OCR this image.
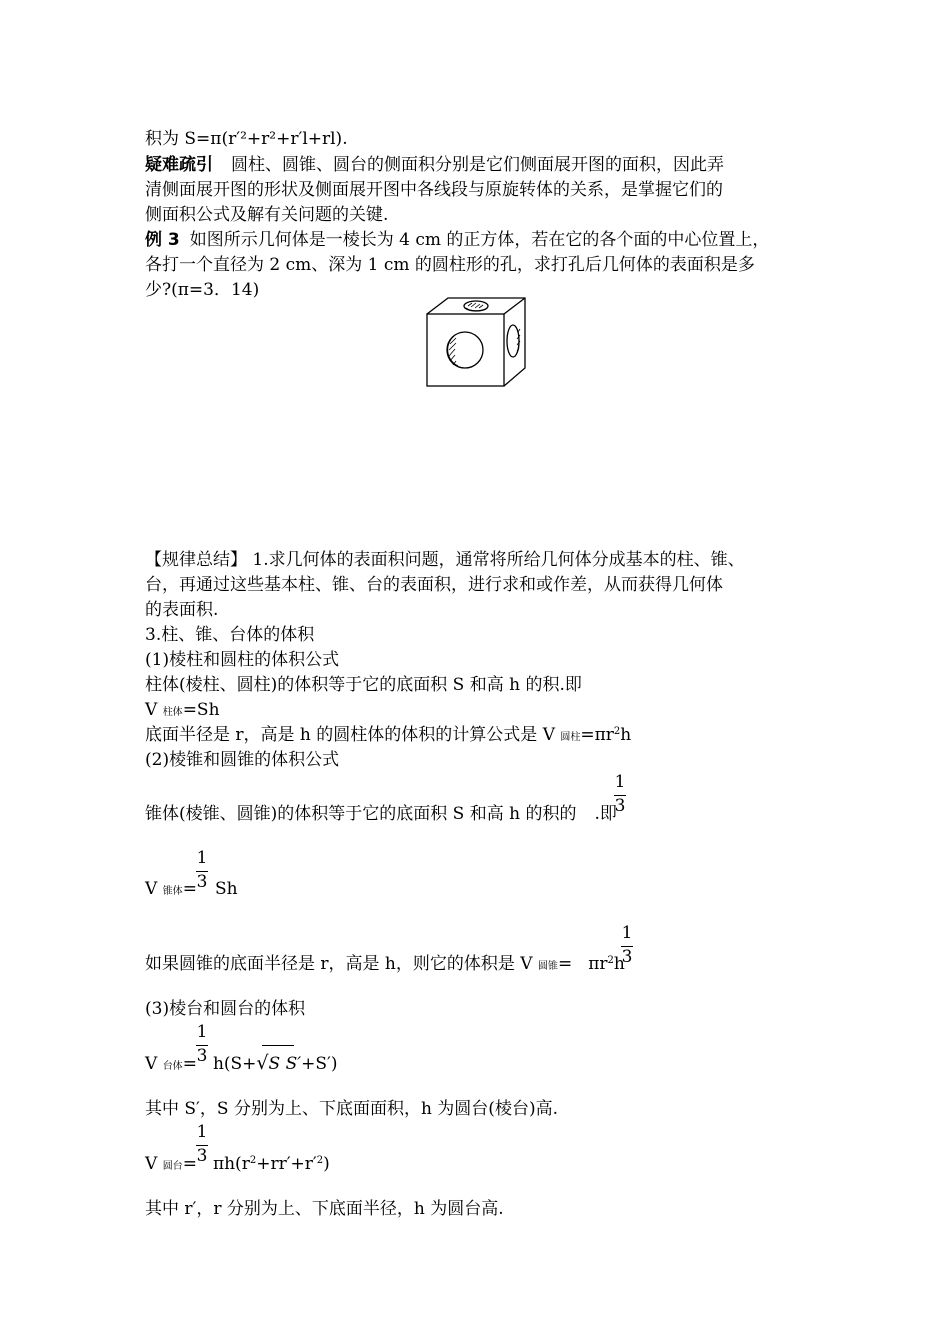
积为 S=π(r′²+r²+r′l+rl).
疑难疏引 圆柱、圆锥、圆台的侧面积分别是它们侧面展开图的面积，因此弄
清侧面展开图的形状及侧面展开图中各线段与原旋转体的关系，是掌握它们的
侧面积公式及解有关问题的关键.
例 3 如图所示几何体是一棱长为 4 cm 的正方体，若在它的各个面的中心位置上，
各打一个直径为 2 cm、深为 1 cm 的圆柱形的孔，求打孔后几何体的表面积是多
少?(π=3．14)
【规律总结】 1.求几何体的表面积问题，通常将所给几何体分成基本的柱、锥、
台，再通过这些基本柱、锥、台的表面积，进行求和或作差，从而获得几何体
的表面积.
3.柱、锥、台体的体积
(1)棱柱和圆柱的体积公式
柱体(棱柱、圆柱)的体积等于它的底面积 S 和高 h 的积.即
V 柱体=Sh
底面半径是 r，高是 h 的圆柱体的体积的计算公式是 V 圆柱$=\pi r^2h$
(2)棱锥和圆锥的体积公式
锥体(棱锥、圆锥)的体积等于它的底面积 S 和高 h 的积的 .即
1
3
V 锥体= Sh
1
3
如果圆锥的底面半径是 r，高是 h，则它的体积是 V 圆锥= $\pi r^2h$
1
3
(3)棱台和圆台的体积
V 台体= h(S+√S S′+S′)
1
3
其中 S′，S 分别为上、下底面面积，h 为圆台(棱台)高.
V 圆台= $\pi h(r^2+rr'+r'^2)$
1
3
其中 r′，r 分别为上、下底面半径，h 为圆台高.
